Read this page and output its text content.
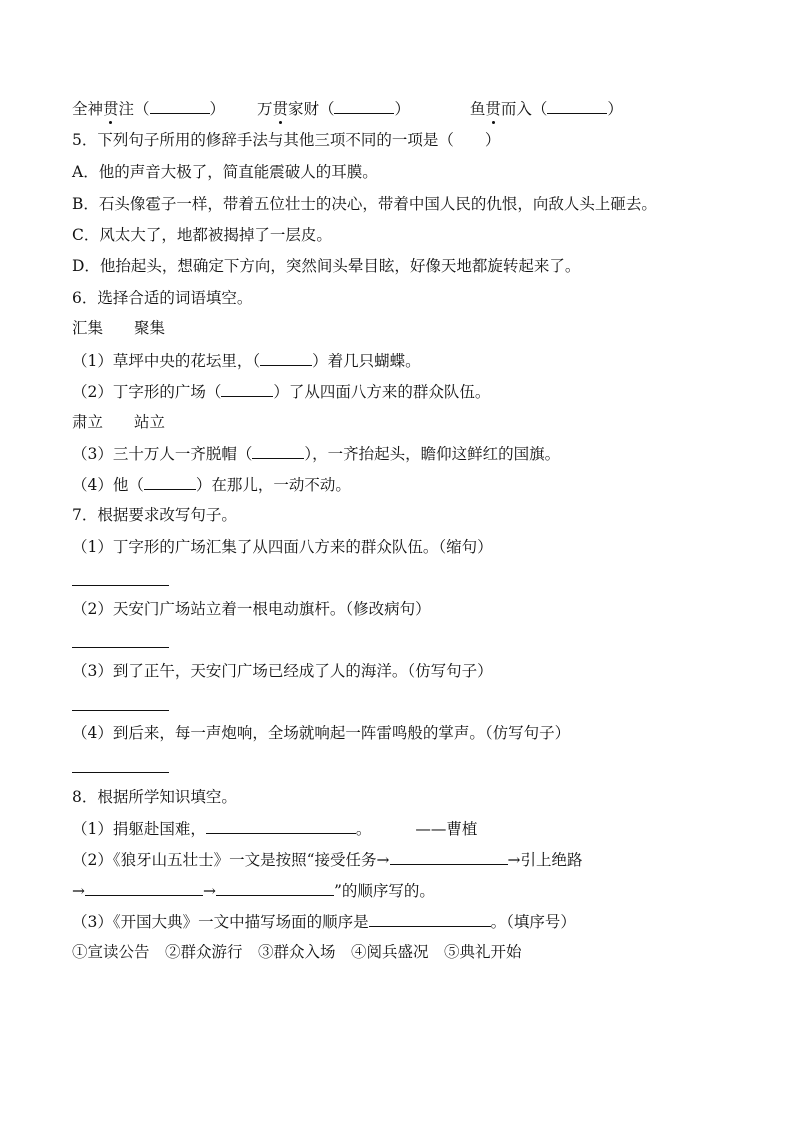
全神贯注（	） 万贯家财（	）	鱼贯而入（	）
5．下列句子所用的修辞手法与其他三项不同的一项是（　　）
A．他的声音大极了，简直能震破人的耳膜。
B．石头像雹子一样，带着五位壮士的决心，带着中国人民的仇恨，向敌人头上砸去。
C．风太大了，地都被揭掉了一层皮。
D．他抬起头，想确定下方向，突然间头晕目眩，好像天地都旋转起来了。
6．选择合适的词语填空。
汇集　　聚集
（1）草坪中央的花坛里，（	）着几只蝴蝶。
（2）丁字形的广场（	）了从四面八方来的群众队伍。
肃立　　站立
（3）三十万人一齐脱帽（	），一齐抬起头，瞻仰这鲜红的国旗。
（4）他（	）在那儿，一动不动。
7．根据要求改写句子。
（1）丁字形的广场汇集了从四面八方来的群众队伍。（缩句）
（2）天安门广场站立着一根电动旗杆。（修改病句）
（3）到了正午，天安门广场已经成了人的海洋。（仿写句子）
（4）到后来，每一声炮响，全场就响起一阵雷鸣般的掌声。（仿写句子）
8．根据所学知识填空。
（1）捐躯赴国难，	。	——曹植
（2）《狼牙山五壮士》一文是按照“接受任务→	→引上绝路
→	→	”的顺序写的。
（3）《开国大典》一文中描写场面的顺序是	。（填序号）
①宣读公告　②群众游行　③群众入场　④阅兵盛况　⑤典礼开始
